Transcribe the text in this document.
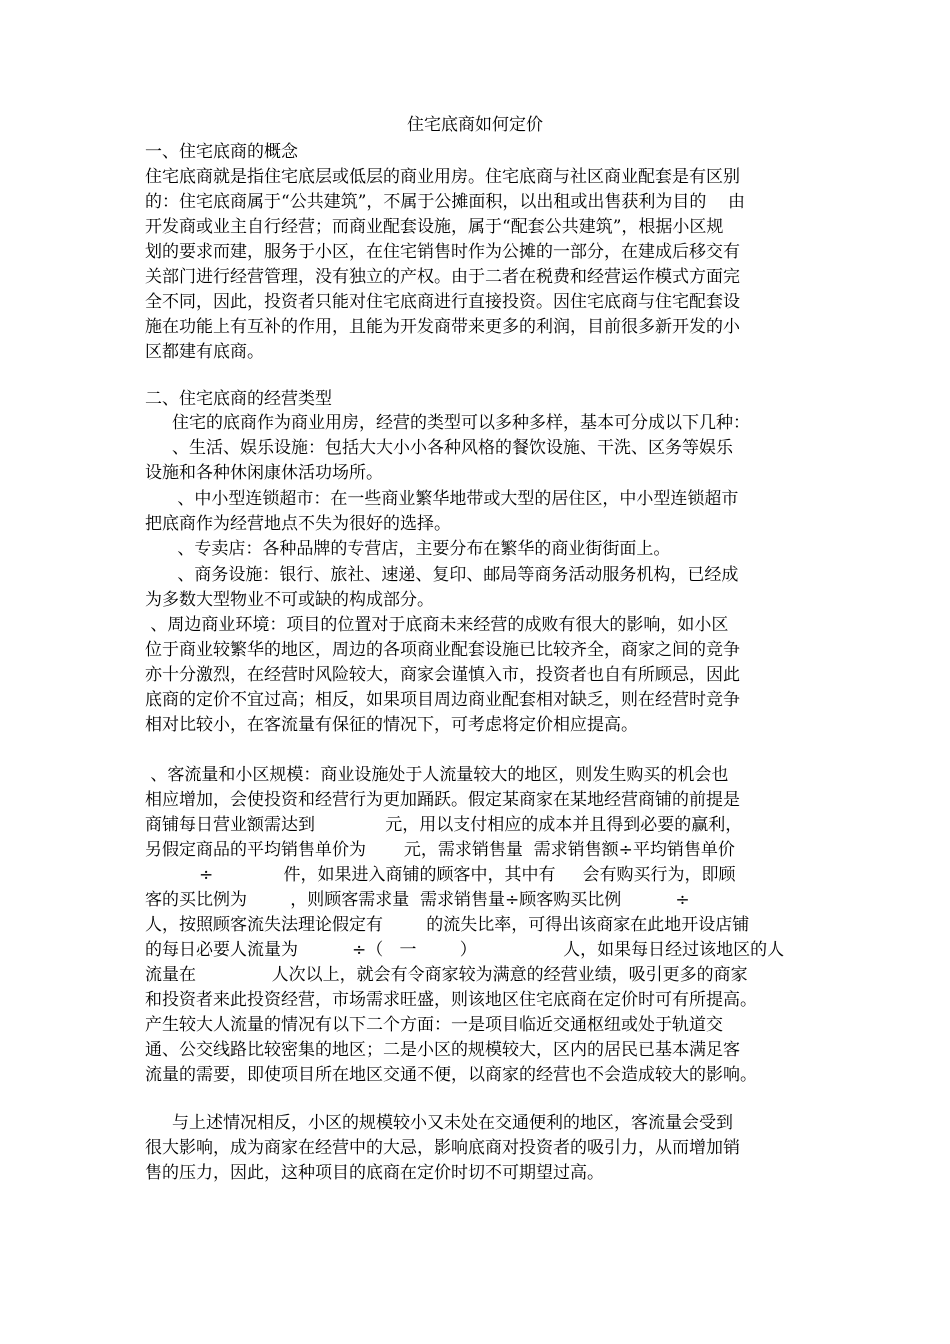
住宅底商如何定价
一、住宅底商的概念
住宅底商就是指住宅底层或低层的商业用房。住宅底商与社区商业配套是有区别
的：住宅底商属于“公共建筑”，不属于公摊面积，以出租或出售获利为目的    由
开发商或业主自行经营；而商业配套设施，属于“配套公共建筑”，根据小区规
划的要求而建，服务于小区，在住宅销售时作为公摊的一部分，在建成后移交有
关部门进行经营管理，没有独立的产权。由于二者在税费和经营运作模式方面完
全不同，因此，投资者只能对住宅底商进行直接投资。因住宅底商与住宅配套设
施在功能上有互补的作用，且能为开发商带来更多的利润，目前很多新开发的小
区都建有底商。
二、住宅底商的经营类型
住宅的底商作为商业用房，经营的类型可以多种多样，基本可分成以下几种：
、生活、娱乐设施：包括大大小小各种风格的餐饮设施、干洗、区务等娱乐
设施和各种休闲康休活功场所。
、中小型连锁超市：在一些商业繁华地带或大型的居住区，中小型连锁超市
把底商作为经营地点不失为很好的选择。
、专卖店：各种品牌的专营店，主要分布在繁华的商业街街面上。
、商务设施：银行、旅社、速递、复印、邮局等商务活动服务机构，已经成
为多数大型物业不可或缺的构成部分。
、周边商业环境：项目的位置对于底商未来经营的成败有很大的影响，如小区
位于商业较繁华的地区，周边的各项商业配套设施已比较齐全，商家之间的竞争
亦十分激烈，在经营时风险较大，商家会谨慎入市，投资者也自有所顾忌，因此
底商的定价不宜过高；相反，如果项目周边商业配套相对缺乏，则在经营时竞争
相对比较小，在客流量有保征的情况下，可考虑将定价相应提高。
、客流量和小区规模：商业设施处于人流量较大的地区，则发生购买的机会也
相应增加，会使投资和经营行为更加踊跃。假定某商家在某地经营商铺的前提是
商铺每日营业额需达到             元，用以支付相应的成本并且得到必要的赢利，
另假定商品的平均销售单价为       元，需求销售量  需求销售额÷平均销售单价
÷             件，如果进入商铺的顾客中，其中有     会有购买行为，即顾
客的买比例为        ，则顾客需求量  需求销售量÷顾客购买比例          ÷
人，按照顾客流失法理论假定有        的流失比率，可得出该商家在此地开设店铺
的每日必要人流量为          ÷（   一        ）                人，如果每日经过该地区的人
流量在              人次以上，就会有令商家较为满意的经营业绩，吸引更多的商家
和投资者来此投资经营，市场需求旺盛，则该地区住宅底商在定价时可有所提高。
产生较大人流量的情况有以下二个方面：一是项目临近交通枢纽或处于轨道交
通、公交线路比较密集的地区；二是小区的规模较大，区内的居民已基本满足客
流量的需要，即使项目所在地区交通不便，以商家的经营也不会造成较大的影响。
与上述情况相反，小区的规模较小又未处在交通便利的地区，客流量会受到
很大影响，成为商家在经营中的大忌，影响底商对投资者的吸引力，从而增加销
售的压力，因此，这种项目的底商在定价时切不可期望过高。
